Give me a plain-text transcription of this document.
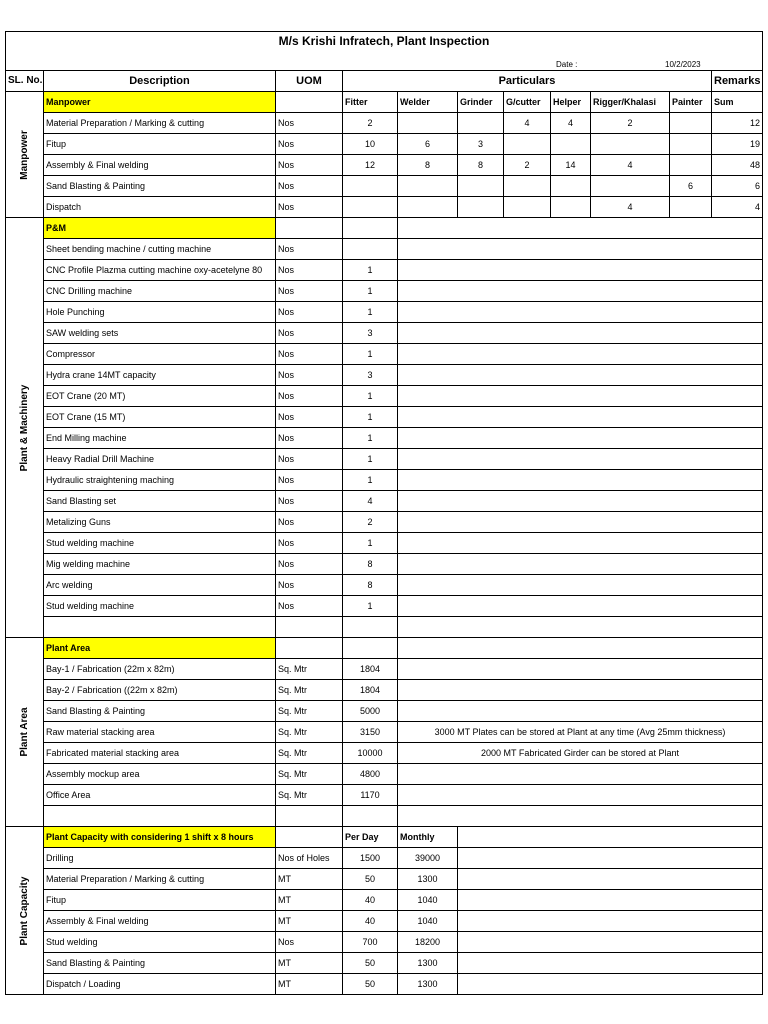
M/s Krishi Infratech, Plant Inspection										

Date : 10/2/2023										

SL. No.	Description	UOM	Particulars							Remarks

Manpower	Manpower		Fitter	Welder	Grinder	G/cutter	Helper	Rigger/Khalasi	Painter	Sum
	Material Preparation / Marking & cutting	Nos	2			4	4	2		12
	Fitup	Nos	10	6	3					19
	Assembly & Final welding	Nos	12	8	8	2	14	4		48
	Sand Blasting & Painting	Nos							6	6
	Dispatch	Nos						4		4

Plant & Machinery	P&M									
	Sheet bending machine / cutting machine	Nos								
	CNC Profile Plazma cutting machine oxy-acetelyne 80	Nos	1							
	CNC Drilling machine	Nos	1							
	Hole Punching	Nos	1							
	SAW welding sets	Nos	3							
	Compressor	Nos	1							
	Hydra crane 14MT capacity	Nos	3							
	EOT Crane (20 MT)	Nos	1							
	EOT Crane (15 MT)	Nos	1							
	End Milling machine	Nos	1							
	Heavy Radial Drill Machine	Nos	1							
	Hydraulic straightening maching	Nos	1							
	Sand Blasting set	Nos	4							
	Metalizing Guns	Nos	2							
	Stud welding machine	Nos	1							
	Mig welding machine	Nos	8							
	Arc welding	Nos	8							
	Stud welding machine	Nos	1							

Plant Area	Plant Area									
	Bay-1 / Fabrication (22m x 82m)	Sq. Mtr	1804							
	Bay-2 / Fabrication ((22m x 82m)	Sq. Mtr	1804							
	Sand Blasting & Painting	Sq. Mtr	5000							
	Raw material stacking area	Sq. Mtr	3150	3000 MT Plates can be stored at Plant at any time (Avg 25mm thickness)						
	Fabricated material stacking area	Sq. Mtr	10000	2000 MT Fabricated Girder can be stored at Plant						
	Assembly mockup area	Sq. Mtr	4800							
	Office Area	Sq. Mtr	1170							

Plant Capacity	Plant Capacity with considering 1 shift x 8 hours		Per Day	Monthly						
	Drilling	Nos of Holes	1500	39000						
	Material Preparation / Marking & cutting	MT	50	1300						
	Fitup	MT	40	1040						
	Assembly & Final welding	MT	40	1040						
	Stud welding	Nos	700	18200						
	Sand Blasting & Painting	MT	50	1300						
	Dispatch / Loading	MT	50	1300						
